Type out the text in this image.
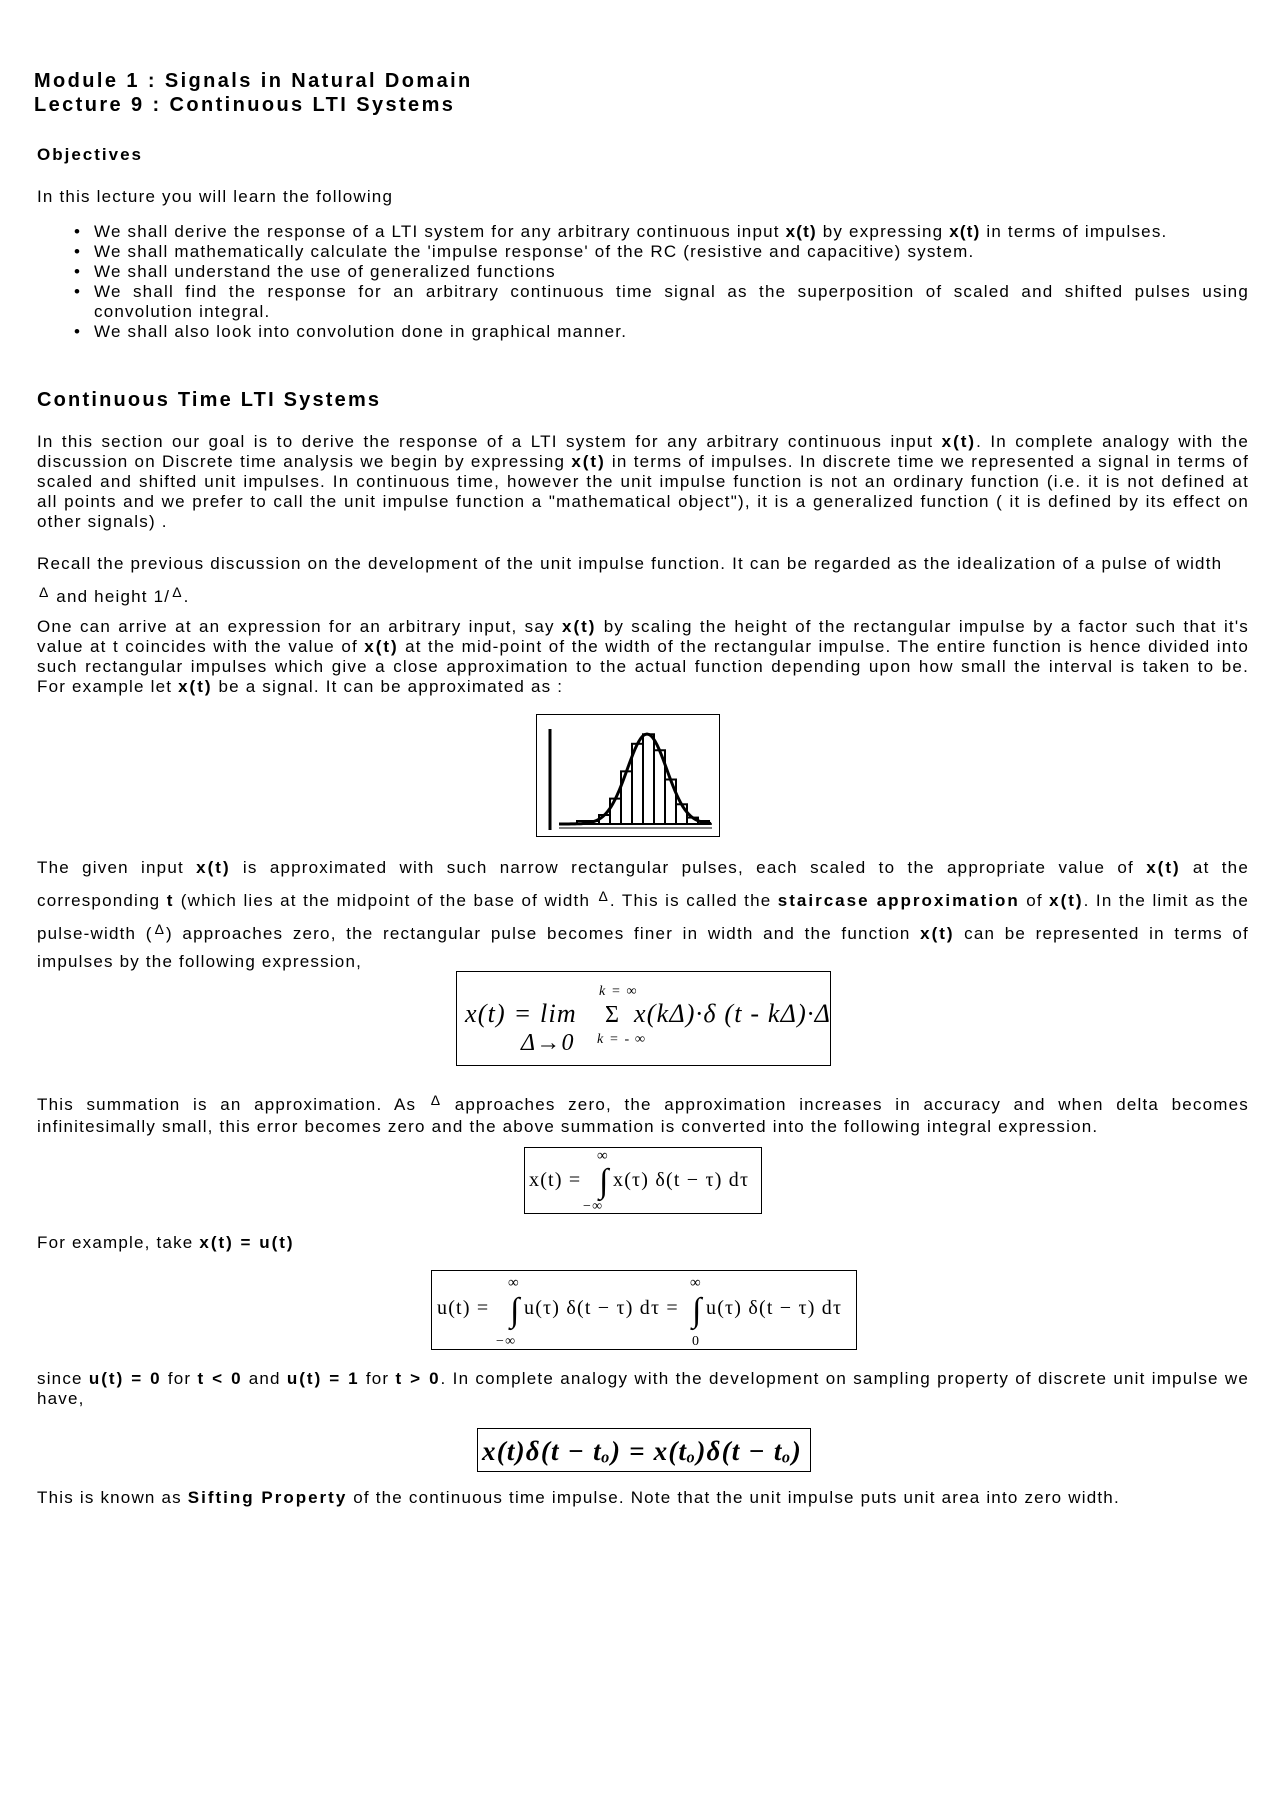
Module 1 : Signals in Natural Domain
Lecture 9 : Continuous LTI Systems
Objectives
In this lecture you will learn the following
• We shall derive the response of a LTI system for any arbitrary continuous input x(t) by expressing x(t) in terms of impulses.
• We shall mathematically calculate the 'impulse response' of the RC (resistive and capacitive) system.
• We shall understand the use of generalized functions
• We shall find the response for an arbitrary continuous time signal as the superposition of scaled and shifted pulses using convolution integral.
• We shall also look into convolution done in graphical manner.
Continuous Time LTI Systems
In this section our goal is to derive the response of a LTI system for any arbitrary continuous input x(t). In complete analogy with the discussion on Discrete time analysis we begin by expressing x(t) in terms of impulses. In discrete time we represented a signal in terms of scaled and shifted unit impulses. In continuous time, however the unit impulse function is not an ordinary function (i.e. it is not defined at all points and we prefer to call the unit impulse function a "mathematical object"), it is a generalized function ( it is defined by its effect on other signals) .
Recall the previous discussion on the development of the unit impulse function. It can be regarded as the idealization of a pulse of width
Δ and height 1/ Δ .
One can arrive at an expression for an arbitrary input, say x(t) by scaling the height of the rectangular impulse by a factor such that it's value at t coincides with the value of x(t) at the mid-point of the width of the rectangular impulse. The entire function is hence divided into such rectangular impulses which give a close approximation to the actual function depending upon how small the interval is taken to be. For example let x(t) be a signal. It can be approximated as :
The given input x(t) is approximated with such narrow rectangular pulses, each scaled to the appropriate value of x(t) at the corresponding t (which lies at the midpoint of the base of width Δ . This is called the staircase approximation of x(t). In the limit as the pulse-width ( Δ ) approaches zero, the rectangular pulse becomes finer in width and the function x(t) can be represented in terms of impulses by the following expression,
k = ∞
x(t) = lim Σ x(kΔ)·δ (t - kΔ)·Δ
Δ→0 k = - ∞
This summation is an approximation. As Δ approaches zero, the approximation increases in accuracy and when delta becomes infinitesimally small, this error becomes zero and the above summation is converted into the following integral expression.
∞
x(t) = ∫ x(τ) δ(t − τ) dτ
−∞
For example, take x(t) = u(t)
∞
u(t) = ∫ u(τ) δ(t − τ) dτ =
−∞
∞
∫ u(τ) δ(t − τ) dτ
0
since u(t) = 0 for t < 0 and u(t) = 1 for t > 0. In complete analogy with the development on sampling property of discrete unit impulse we have,
x(t)δ(t − tₒ) = x(tₒ)δ(t − tₒ)
This is known as Sifting Property of the continuous time impulse. Note that the unit impulse puts unit area into zero width.
